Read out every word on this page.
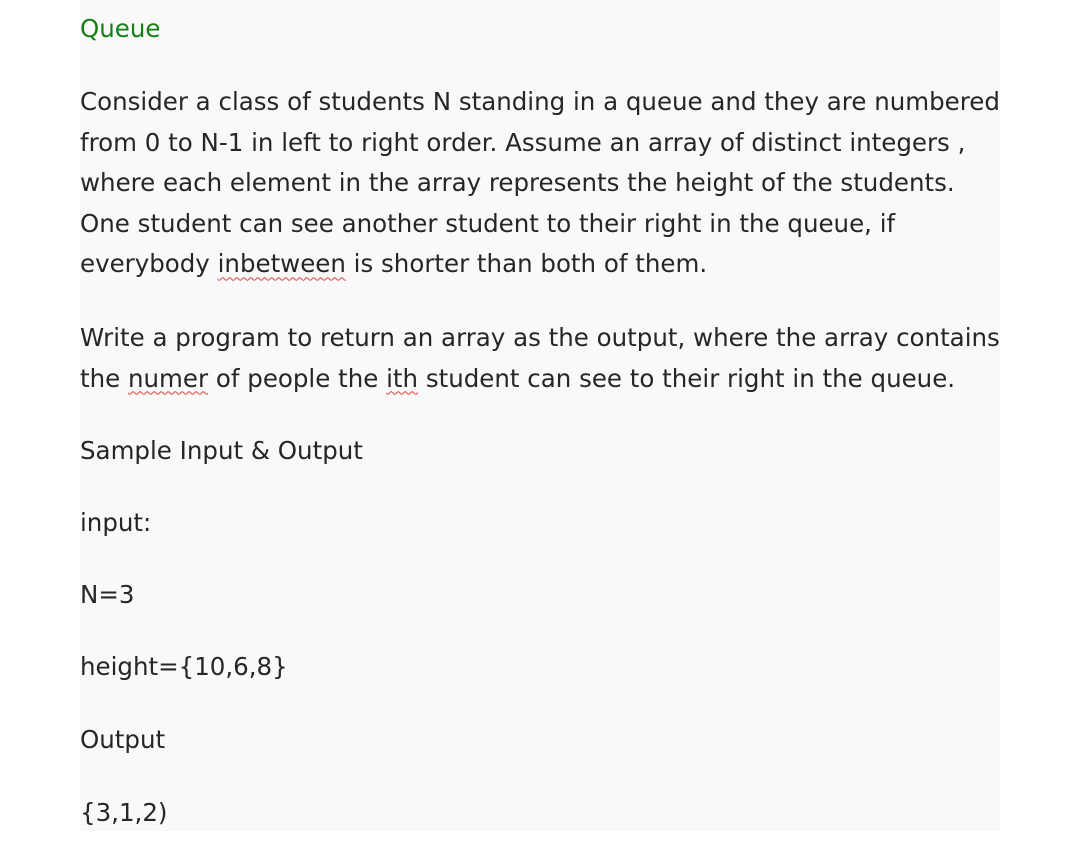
Queue

Consider a class of students N standing in a queue and they are numbered from 0 to N-1 in left to right order. Assume an array of distinct integers , where each element in the array represents the height of the students. One student can see another student to their right in the queue, if everybody inbetween is shorter than both of them.

Write a program to return an array as the output, where the array contains the numer of people the ith student can see to their right in the queue.

Sample Input & Output

input:

N=3

height={10,6,8}

Output

{3,1,2)
